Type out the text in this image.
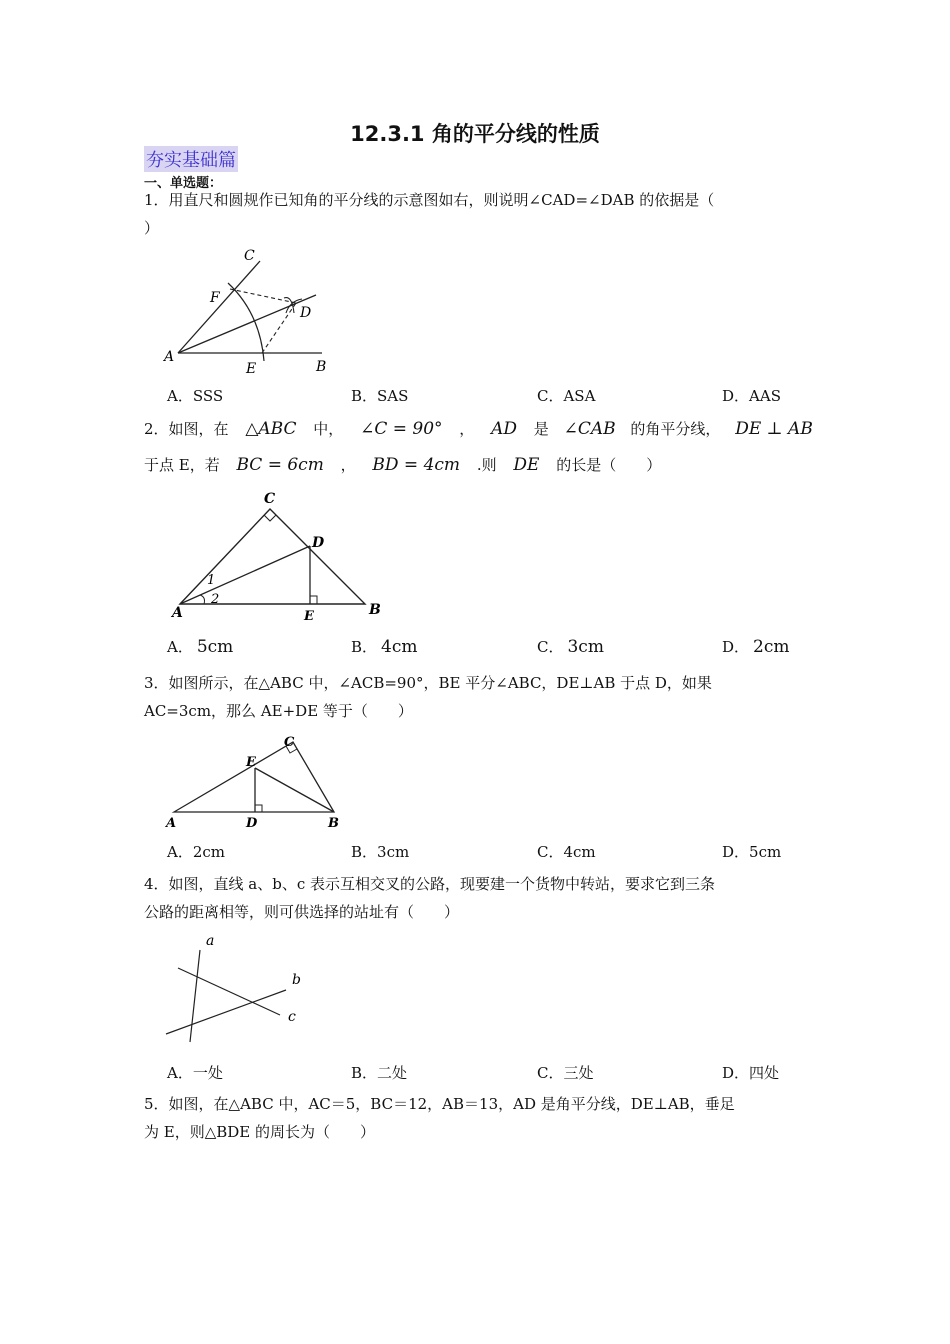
12.3.1 角的平分线的性质
夯实基础篇
一、单选题：
1．用直尺和圆规作已知角的平分线的示意图如右，则说明∠CAD=∠DAB 的依据是（
）
C
F
D
A
E	B
A．SSS	B．SAS	C．ASA	D．AAS
2．如图，在 △ABC 中， ∠C = 90° ， AD 是 ∠CAB 的角平分线， DE ⊥ AB
于点 E，若 BC = 6cm ， BD = 4cm .则 DE 的长是（　　）
C
D
A	E	B
1
2
A． 5cm	B． 4cm	C． 3cm	D． 2cm
3．如图所示，在△ABC 中，∠ACB=90°，BE 平分∠ABC，DE⊥AB 于点 D，如果
AC=3cm，那么 AE+DE 等于（　　）
C
E
A	D	B
A．2cm	B．3cm	C．4cm	D．5cm
4．如图，直线 a、b、c 表示互相交叉的公路，现要建一个货物中转站，要求它到三条
公路的距离相等，则可供选择的站址有（　　）
a
b
c
A．一处	B．二处	C．三处	D．四处
5．如图，在△ABC 中，AC＝5，BC＝12，AB＝13，AD 是角平分线，DE⊥AB，垂足
为 E，则△BDE 的周长为（　　）
